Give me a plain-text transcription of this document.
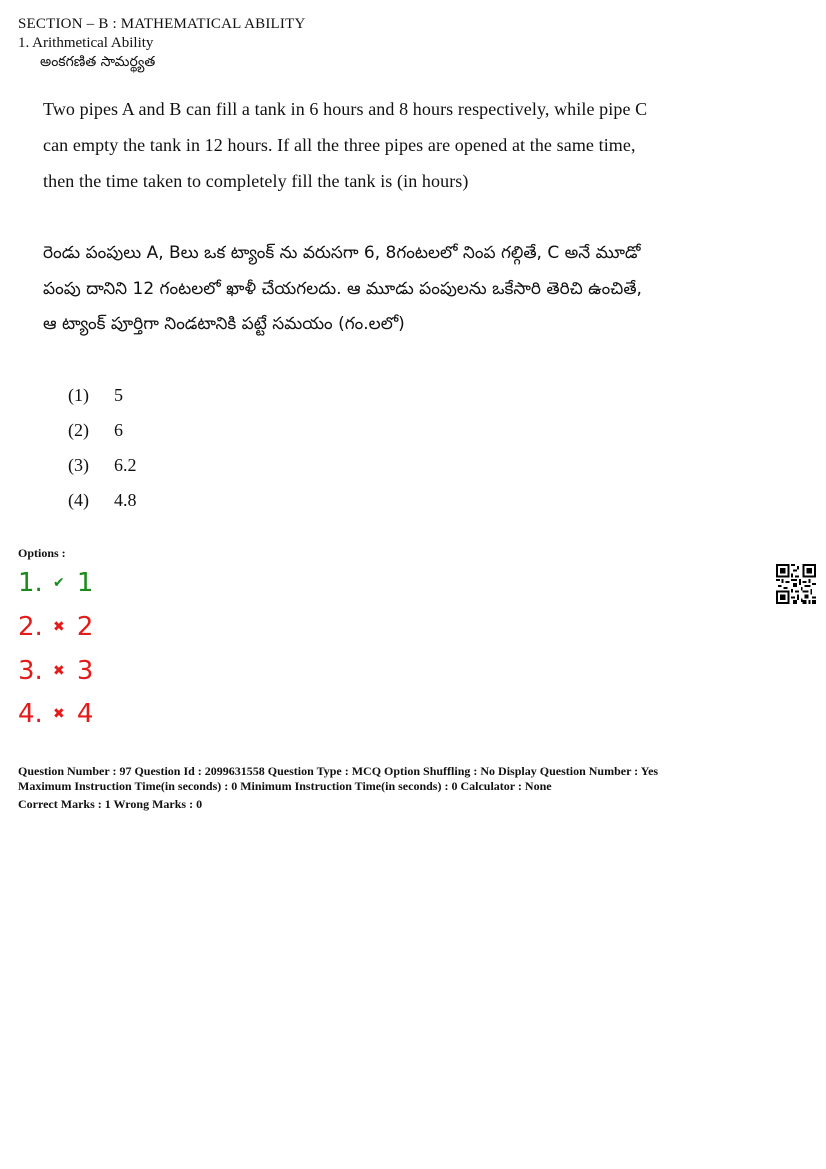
SECTION – B : MATHEMATICAL ABILITY
1. Arithmetical Ability
అంకగణిత సామర్థ్యత
Two pipes A and B can fill a tank in 6 hours and 8 hours respectively, while pipe C
can empty the tank in 12 hours. If all the three pipes are opened at the same time,
then the time taken to completely fill the tank is (in hours)
రెండు పంపులు A, Bలు ఒక ట్యాంక్ ను వరుసగా 6, 8గంటలలో నింప గల్గితే, C అనే మూడో
పంపు దానిని 12 గంటలలో ఖాళీ చేయగలదు. ఆ మూడు పంపులను ఒకేసారి తెరిచి ఉంచితే,
ఆ ట్యాంక్ పూర్తిగా నిండటానికి పట్టే సమయం (గం.లలో)
(1) 5
(2) 6
(3) 6.2
(4) 4.8
Options :
1. ✔ 1
2. ✖ 2
3. ✖ 3
4. ✖ 4
Question Number : 97 Question Id : 2099631558 Question Type : MCQ Option Shuffling : No Display Question Number : Yes
Maximum Instruction Time(in seconds) : 0 Minimum Instruction Time(in seconds) : 0 Calculator : None
Correct Marks : 1 Wrong Marks : 0
